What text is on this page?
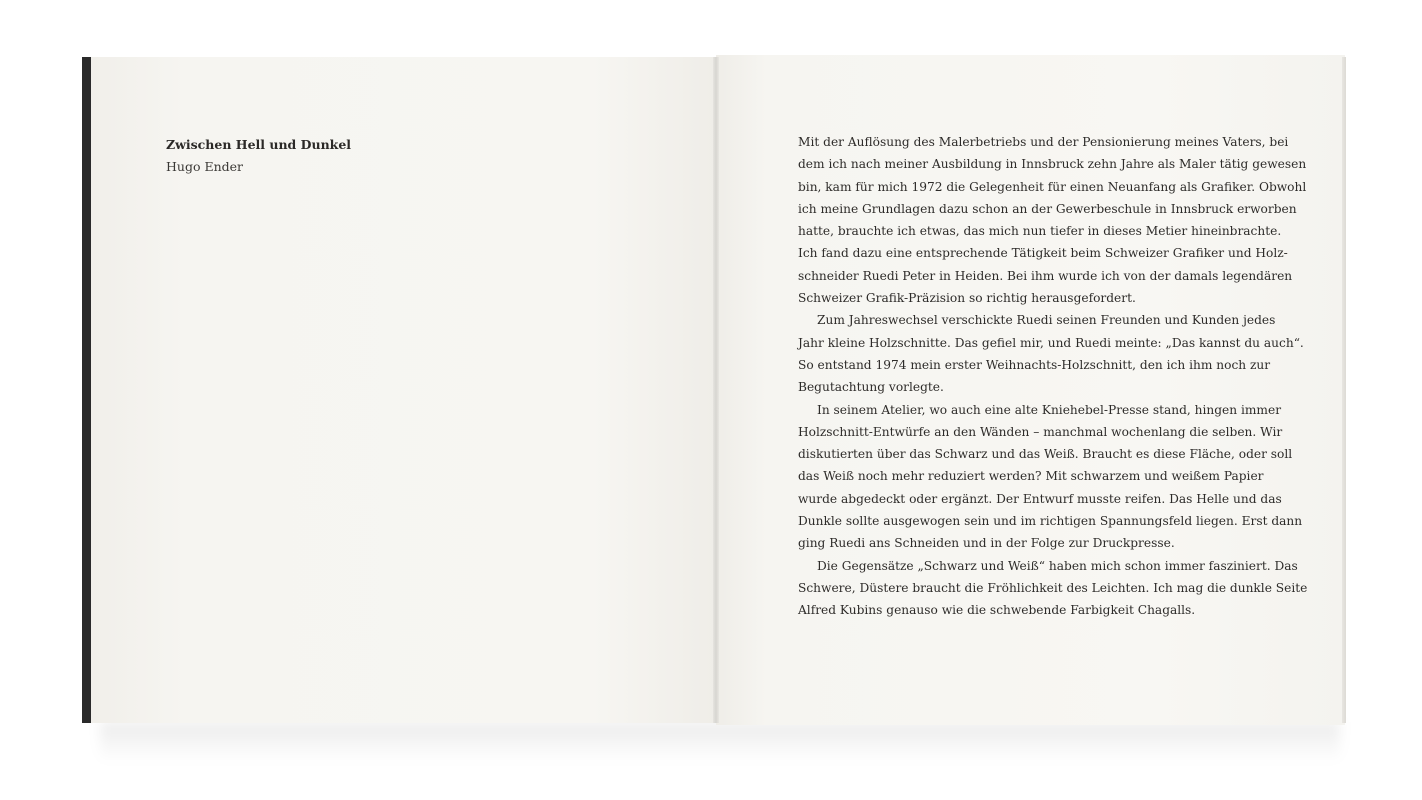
Zwischen Hell und Dunkel

Hugo Ender

Mit der Auflösung des Malerbetriebs und der Pensionierung meines Vaters, bei
dem ich nach meiner Ausbildung in Innsbruck zehn Jahre als Maler tätig gewesen
bin, kam für mich 1972 die Gelegenheit für einen Neuanfang als Grafiker. Obwohl
ich meine Grundlagen dazu schon an der Gewerbeschule in Innsbruck erworben
hatte, brauchte ich etwas, das mich nun tiefer in dieses Metier hineinbrachte.
Ich fand dazu eine entsprechende Tätigkeit beim Schweizer Grafiker und Holz-
schneider Ruedi Peter in Heiden. Bei ihm wurde ich von der damals legendären
Schweizer Grafik-Präzision so richtig herausgefordert.

Zum Jahreswechsel verschickte Ruedi seinen Freunden und Kunden jedes
Jahr kleine Holzschnitte. Das gefiel mir, und Ruedi meinte: „Das kannst du auch“.
So entstand 1974 mein erster Weihnachts-Holzschnitt, den ich ihm noch zur
Begutachtung vorlegte.

In seinem Atelier, wo auch eine alte Kniehebel-Presse stand, hingen immer
Holzschnitt-Entwürfe an den Wänden – manchmal wochenlang die selben. Wir
diskutierten über das Schwarz und das Weiß. Braucht es diese Fläche, oder soll
das Weiß noch mehr reduziert werden? Mit schwarzem und weißem Papier
wurde abgedeckt oder ergänzt. Der Entwurf musste reifen. Das Helle und das
Dunkle sollte ausgewogen sein und im richtigen Spannungsfeld liegen. Erst dann
ging Ruedi ans Schneiden und in der Folge zur Druckpresse.

Die Gegensätze „Schwarz und Weiß“ haben mich schon immer fasziniert. Das
Schwere, Düstere braucht die Fröhlichkeit des Leichten. Ich mag die dunkle Seite
Alfred Kubins genauso wie die schwebende Farbigkeit Chagalls.
